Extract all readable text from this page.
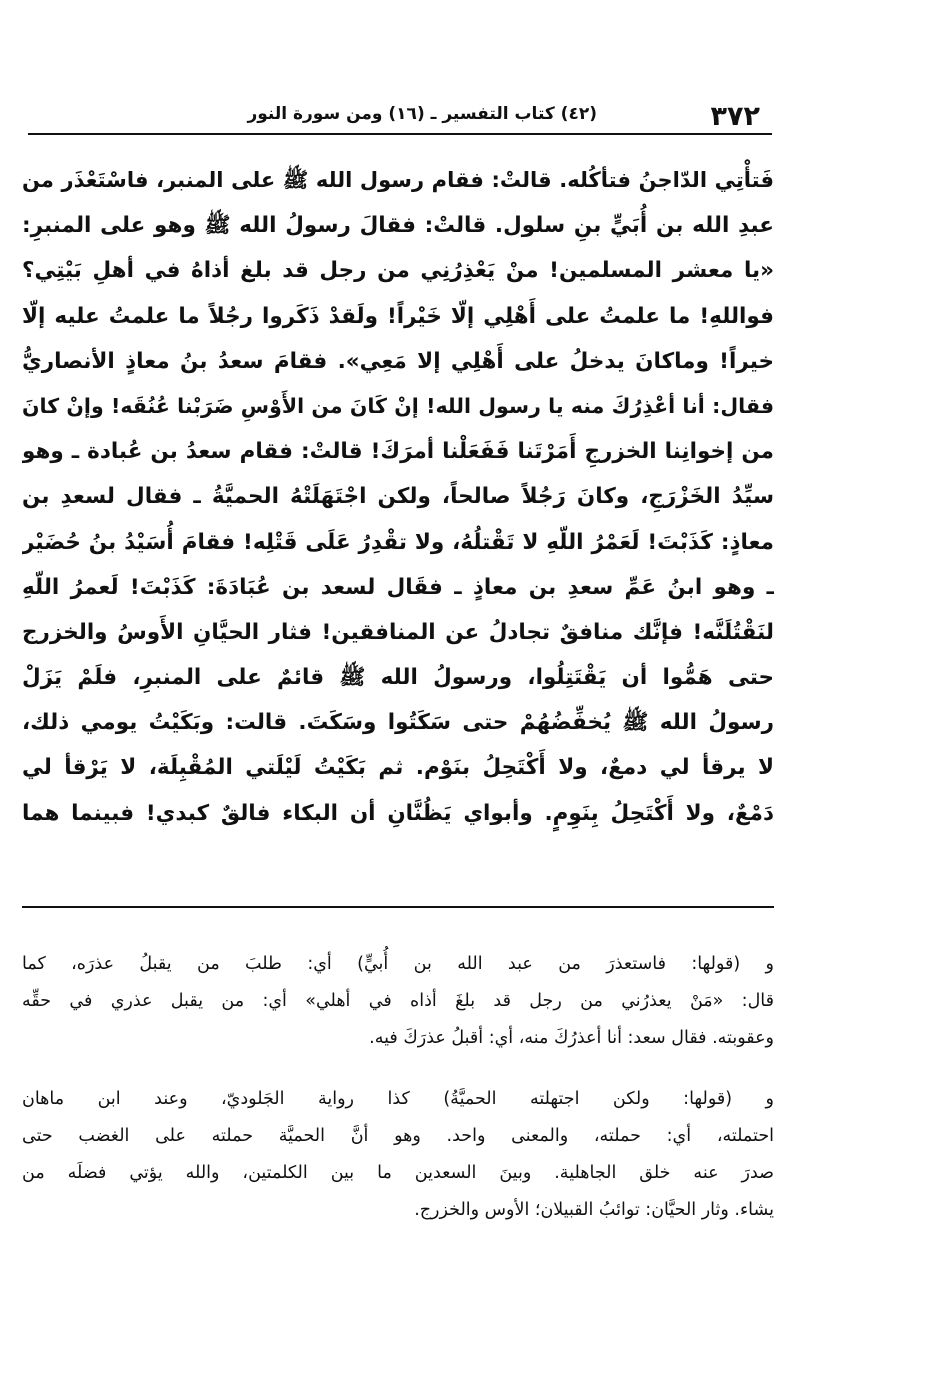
٣٧٢
(٤٢) كتاب التفسير ـ (١٦) ومن سورة النور
فَتأْتِي الدّاجنُ فتأكُله. قالتْ: فقام رسول الله ﷺ على المنبر، فاسْتَعْذَر من
عبدِ الله بن أُبَيٍّ بنِ سلول. قالتْ: فقالَ رسولُ الله ﷺ وهو على المنبرِ:
«يا معشر المسلمين! منْ يَعْذِرُنِي من رجل قد بلغ أذاهُ في أهلِ بَيْتِي؟
فواللهِ! ما علمتُ على أَهْلِي إلّا خَيْراً! ولَقدْ ذَكَروا رجُلاً ما علمتُ عليه إلّا
خيراً! وماكانَ يدخلُ على أَهْلِي إلا مَعِي». فقامَ سعدُ بنُ معاذٍ الأنصاريُّ
فقال: أنا أعْذِرُكَ منه يا رسول الله! إنْ كَانَ من الأَوْسِ ضَرَبْنا عُنُقَه! وإنْ كانَ
من إخوانِنا الخزرجِ أَمَرْتَنا فَفَعَلْنا أمرَكَ! قالتْ: فقام سعدُ بن عُبادة ـ وهو
سيِّدُ الخَزْرَجِ، وكانَ رَجُلاً صالحاً، ولكن اجْتَهَلَتْهُ الحميَّةُ ـ فقال لسعدِ بن
معاذٍ: كَذَبْتَ! لَعَمْرُ اللّهِ لا تَقْتلُهُ، ولا تقْدِرُ عَلَى قَتْلِه! فقامَ أُسَيْدُ بنُ حُضَيْر
ـ وهو ابنُ عَمِّ سعدِ بن معاذٍ ـ فقَال لسعد بن عُبَادَةَ: كَذَبْتَ! لَعمرُ اللّهِ
لنَقْتُلَنَّه! فإنَّك منافقٌ تجادلُ عن المنافقين! فثار الحيَّانِ الأَوسُ والخزرج
حتى هَمُّوا أن يَقْتَتِلُوا، ورسولُ الله ﷺ قائمٌ على المنبرِ، فلَمْ يَزَلْ
رسولُ الله ﷺ يُخفِّضُهُمْ حتى سَكَتُوا وسَكَتَ. قالت: وبَكَيْتُ يومي ذلك،
لا يرقأ لي دمعٌ، ولا أَكْتَحِلُ بنَوْم. ثم بَكَيْتُ لَيْلَتي المُقْبِلَة، لا يَرْقأ لي
دَمْعٌ، ولا أَكْتَحِلُ بِنَوِمٍ. وأبواي يَظُنَّانِ أن البكاء فالقٌ كبدي! فبينما هما
و (قولها: فاستعذرَ من عبد الله بن أُبيٍّ) أي: طلبَ من يقبلُ عذرَه، كما
قال: «مَنْ يعذرُني من رجل قد بلغَ أذاه في أهلي» أي: من يقبل عذري في حقِّه
وعقوبته. فقال سعد: أنا أعذرُكَ منه، أي: أقبلُ عذرَكَ فيه.
و (قولها: ولكن اجتهلته الحميَّةُ) كذا رواية الجَلوديّ، وعند ابن ماهان
احتملته، أي: حملته، والمعنى واحد. وهو أنَّ الحميَّة حملته على الغضب حتى
صدرَ عنه خلق الجاهلية. وبينَ السعدين ما بين الكلمتين، والله يؤتي فضلَه من
يشاء. وثار الحيَّان: توائبُ القبيلان؛ الأوس والخزرج.
